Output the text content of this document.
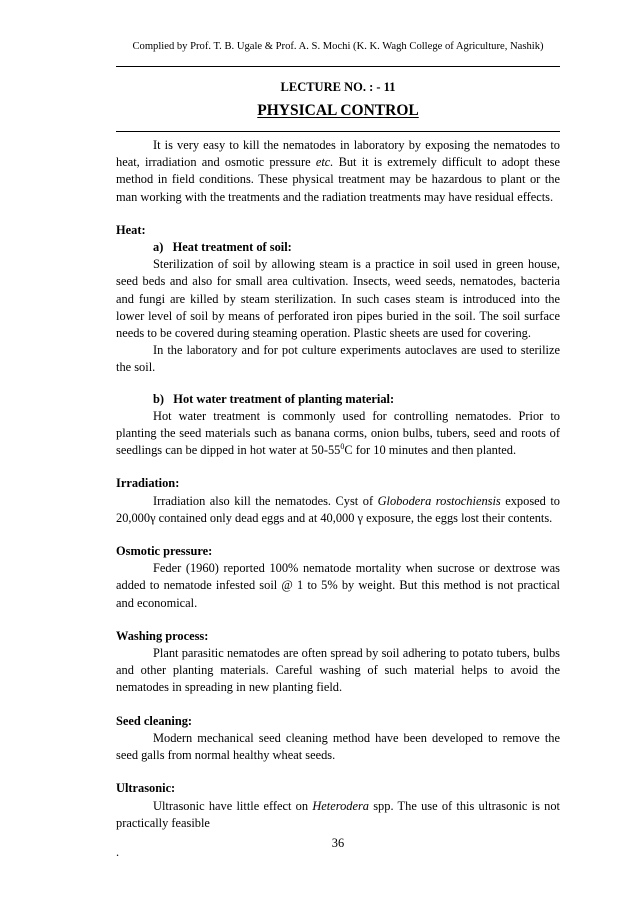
Complied by Prof. T. B. Ugale & Prof. A. S. Mochi (K. K. Wagh College of Agriculture, Nashik)
LECTURE NO. : - 11
PHYSICAL CONTROL

It is very easy to kill the nematodes in laboratory by exposing the nematodes to heat, irradiation and osmotic pressure etc. But it is extremely difficult to adopt these method in field conditions. These physical treatment may be hazardous to plant or the man working with the treatments and the radiation treatments may have residual effects.

Heat:
a)   Heat treatment of soil:

Sterilization of soil by allowing steam is a practice in soil used in green house, seed beds and also for small area cultivation. Insects, weed seeds, nematodes, bacteria and fungi are killed by steam sterilization. In such cases steam is introduced into the lower level of soil by means of perforated iron pipes buried in the soil. The soil surface needs to be covered during steaming operation. Plastic sheets are used for covering.

In the laboratory and for pot culture experiments autoclaves are used to sterilize the soil.

b)   Hot water treatment of planting material:

Hot water treatment is commonly used for controlling nematodes. Prior to planting the seed materials such as banana corms, onion bulbs, tubers, seed and roots of seedlings can be dipped in hot water at $50-55^0C$ for 10 minutes and then planted.

Irradiation:

Irradiation also kill the nematodes. Cyst of Globodera rostochiensis exposed to 20,000γ contained only dead eggs and at 40,000 γ exposure, the eggs lost their contents.

Osmotic pressure:

Feder (1960) reported 100% nematode mortality when sucrose or dextrose was added to nematode infested soil @ 1 to 5% by weight. But this method is not practical and economical.

Washing process:

Plant parasitic nematodes are often spread by soil adhering to potato tubers, bulbs and other planting materials. Careful washing of such material helps to avoid the nematodes in spreading in new planting field.

Seed cleaning:

Modern mechanical seed cleaning method have been developed to remove the seed galls from normal healthy wheat seeds.

Ultrasonic:

Ultrasonic have little effect on Heterodera spp. The use of this ultrasonic is not practically feasible

.

36
